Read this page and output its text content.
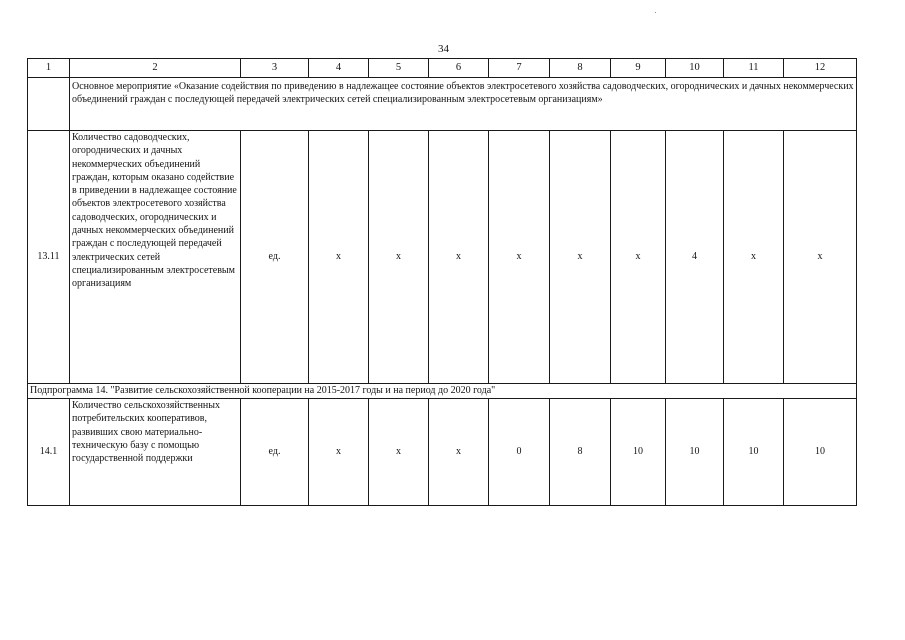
34
1	2	3	4	5	6	7	8	9	10	11	12
	Основное мероприятие «Оказание содействия по приведению в надлежащее состояние объектов электросетевого хозяйства садоводческих, огороднических и дачных некоммерческих объединений граждан с последующей передачей электрических сетей специализированным электросетевым организациям»										
13.11	Количество садоводческих, огороднических и дачных некоммерческих объединений граждан, которым оказано содействие в приведении в надлежащее состояние объектов электросетевого хозяйства садоводческих, огороднических и дачных некоммерческих объединений граждан с последующей передачей электрических сетей специализированным электросетевым организациям	ед.	х	х	х	х	х	х	4	х	х
Подпрограмма 14. "Развитие сельскохозяйственной кооперации на 2015-2017 годы и на период до 2020 года"											
14.1	Количество сельскохозяйственных потребительских кооперативов, развивших свою материально-техническую базу с помощью государственной поддержки	ед.	х	х	х	0	8	10	10	10	10
